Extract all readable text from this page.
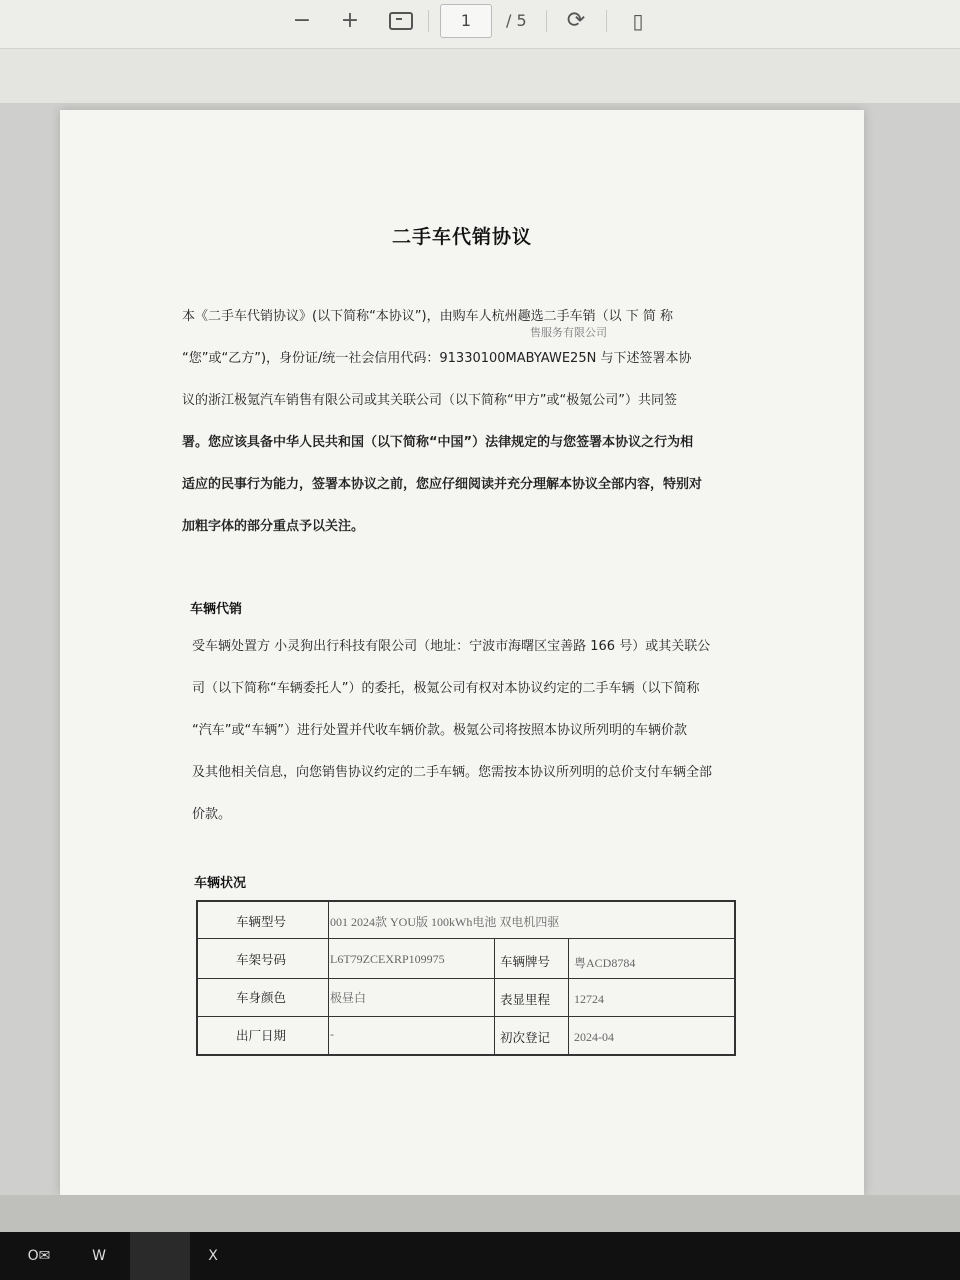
− +	1	/ 5 ⟳	▯
二手车代销协议
本《二手车代销协议》(以下简称“本协议”)，由购车人杭州趣选二手车销（以 下 简 称
“您”或“乙方”)，身份证/统一社会信用代码：91330100MABYAWE25N 与下述签署本协
议的浙江极氪汽车销售有限公司或其关联公司（以下简称“甲方”或“极氪公司”）共同签
署。您应该具备中华人民共和国（以下简称“中国”）法律规定的与您签署本协议之行为相
适应的民事行为能力，签署本协议之前，您应仔细阅读并充分理解本协议全部内容，特别对
加粗字体的部分重点予以关注。
售服务有限公司
车辆代销
受车辆处置方 小灵狗出行科技有限公司（地址：宁波市海曙区宝善路 166 号）或其关联公
司（以下简称“车辆委托人”）的委托，极氪公司有权对本协议约定的二手车辆（以下简称
“汽车”或“车辆”）进行处置并代收车辆价款。极氪公司将按照本协议所列明的车辆价款
及其他相关信息，向您销售协议约定的二手车辆。您需按本协议所列明的总价支付车辆全部
价款。
车辆状况
车辆型号	001 2024款 YOU版 100kWh电池 双电机四驱
车架号码	L6T79ZCEXRP109975	车辆牌号 粤ACD8784
车身颜色	极昼白	表显里程 12724
出厂日期	-	初次登记 2024-04
O✉	W	X
